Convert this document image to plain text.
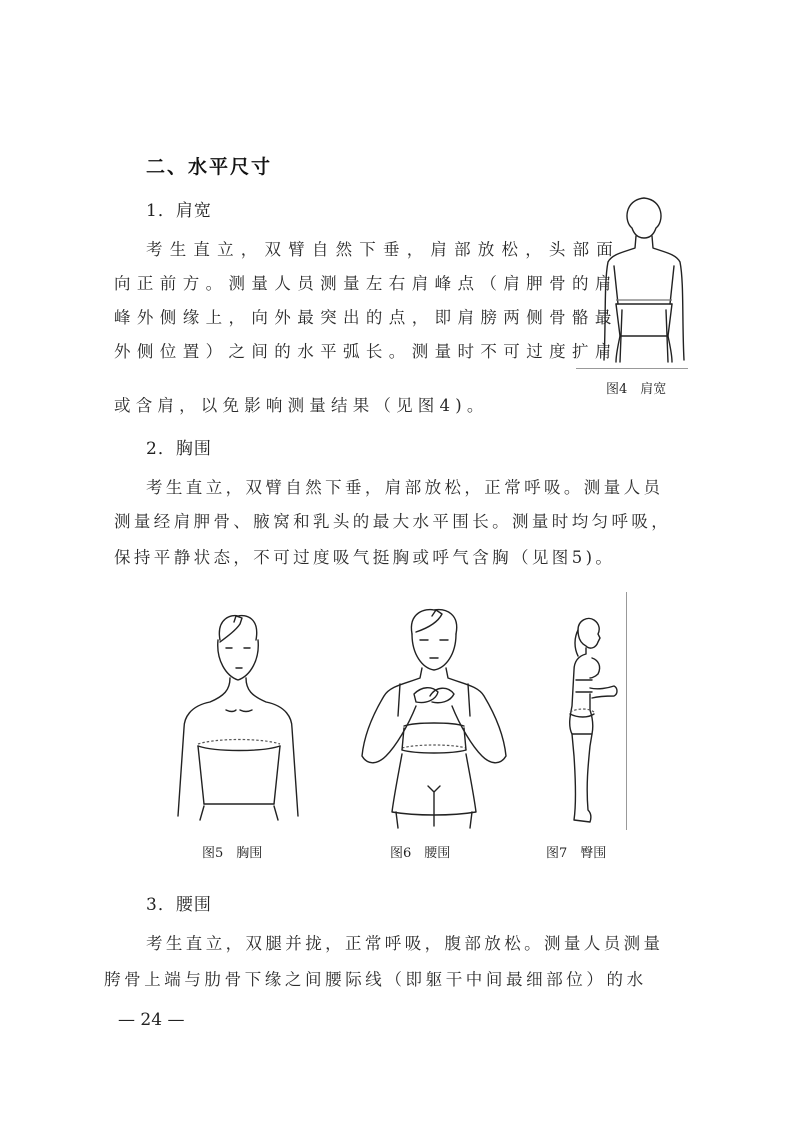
二、水平尺寸
1．肩宽
考生直立，双臂自然下垂，肩部放松，头部面
向正前方。测量人员测量左右肩峰点（肩胛骨的肩
峰外侧缘上，向外最突出的点，即肩膀两侧骨骼最
外侧位置）之间的水平弧长。测量时不可过度扩肩
或含肩，以免影响测量结果（见图4)。
图4　肩宽
2．胸围
考生直立，双臂自然下垂，肩部放松，正常呼吸。测量人员
测量经肩胛骨、腋窝和乳头的最大水平围长。测量时均匀呼吸，
保持平静状态，不可过度吸气挺胸或呼气含胸（见图5)。
图5　胸围	图6　腰围	图7　臀围
3．腰围
考生直立，双腿并拢，正常呼吸，腹部放松。测量人员测量
胯骨上端与肋骨下缘之间腰际线（即躯干中间最细部位）的水
— 24 —
